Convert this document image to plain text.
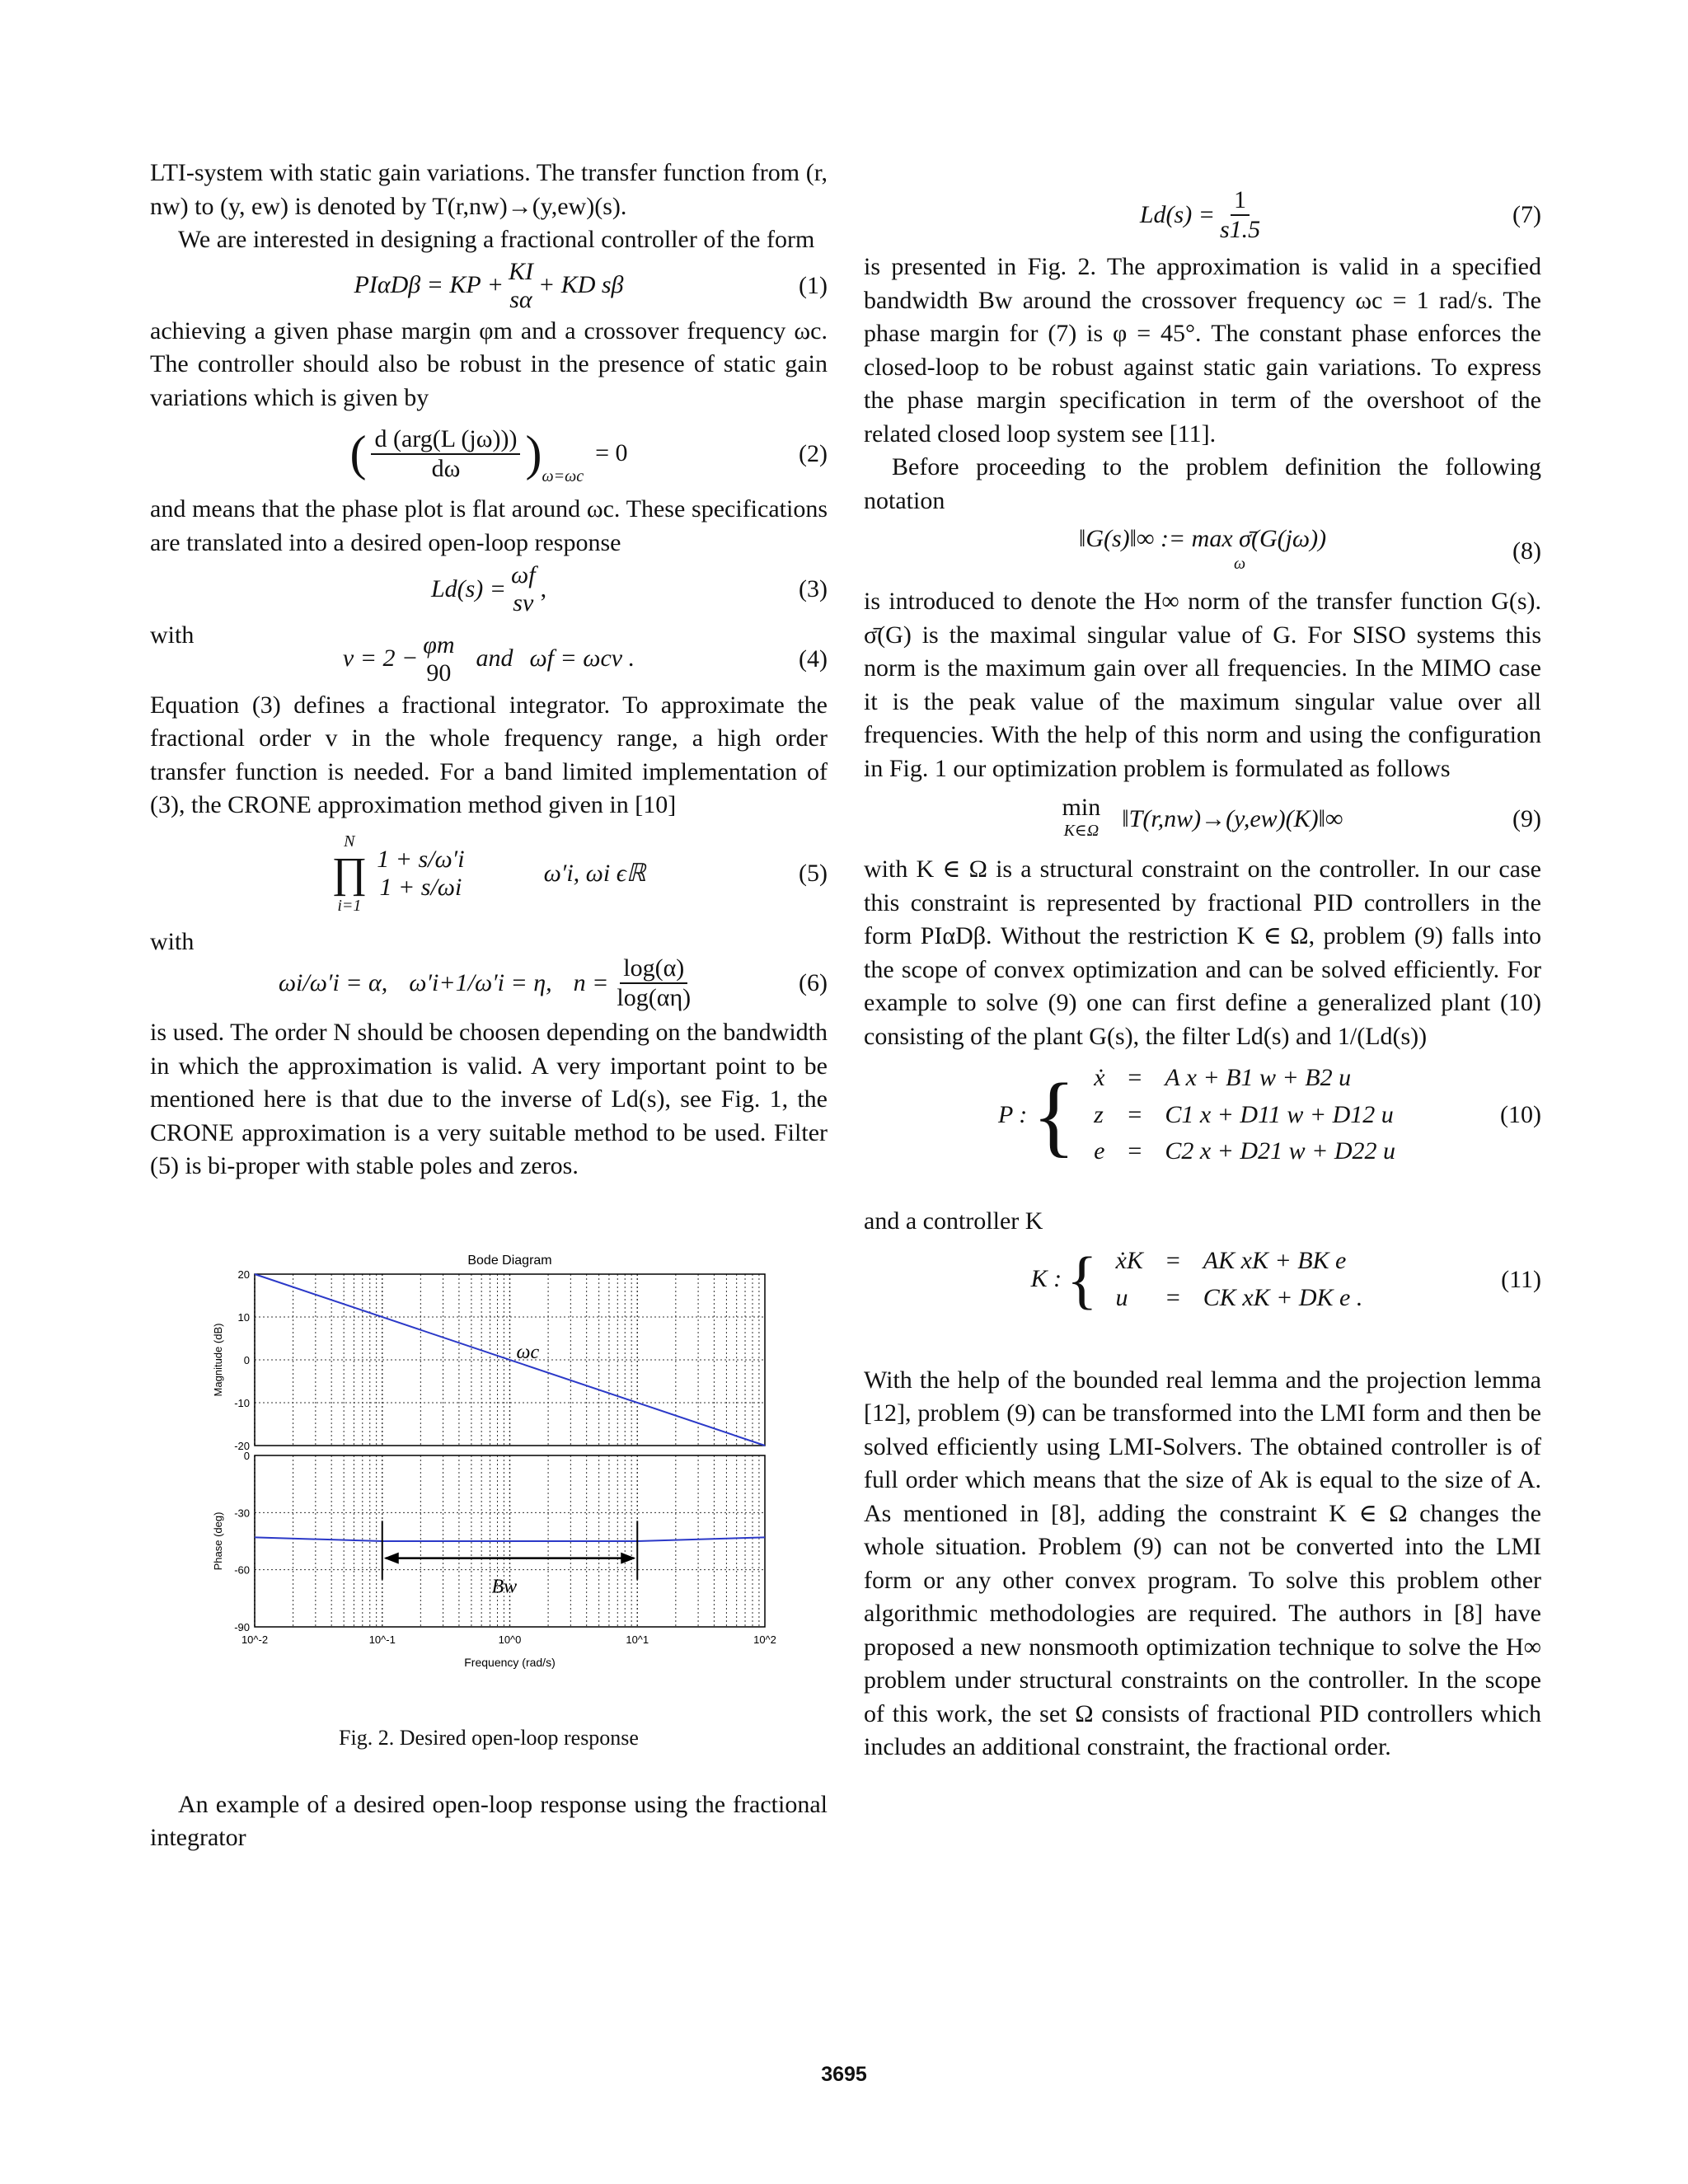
LTI-system with static gain variations. The transfer function from (r, nw) to (y, ew) is denoted by T(r,nw)→(y,ew)(s).

We are interested in designing a fractional controller of the form

PIαDβ = KP +
KI
sα
+ KD sβ	(1)

achieving a given phase margin φm and a crossover frequency ωc. The controller should also be robust in the presence of static gain variations which is given by

( $\frac{\text{d (arg(L (jω)))}}{d\omega}$ ) ω=ωc
= 0	(2)

and means that the phase plot is flat around ωc. These specifications are translated into a desired open-loop response

Ld(s) =
ωf
sv
,	(3)

with

v = 2 −
φm
90
and ωf = ωcv .	(4)

Equation (3) defines a fractional integrator. To approximate the fractional order v in the whole frequency range, a high order transfer function is needed. For a band limited implementation of (3), the CRONE approximation method given in [10]

N
∏
i=1
1 + s/ω′i
1 + s/ωi
ω′i, ωi ϵℝ	(5)

with

ωi/ω′i = α, ω′i+1/ω′i = η, $n = \frac{\log(\alpha)}{\log(\alpha\eta)}$	(6)

is used. The order N should be choosen depending on the bandwidth in which the approximation is valid. A very important point to be mentioned here is that due to the inverse of Ld(s), see Fig. 1, the CRONE approximation is a very suitable method to be used. Filter (5) is bi-proper with stable poles and zeros.

Bode Diagram
20
10
0
-10
-20
Magnitude (dB)	ωc
0
-30
-60
-90
Phase (deg)
Bw
10^-2	10^-1	10^0	10^1	10^2
Frequency (rad/s)
Fig. 2. Desired open-loop response

An example of a desired open-loop response using the fractional integrator

$Ld(s) = \frac{1}{s1.5}$	(7)

is presented in Fig. 2. The approximation is valid in a specified bandwidth Bw around the crossover frequency ωc = 1 rad/s. The phase margin for (7) is φ = 45°. The constant phase enforces the closed-loop to be robust against static gain variations. To express the phase margin specification in term of the overshoot of the related closed loop system see [11].

Before proceeding to the problem definition the following notation

‖G(s)‖∞ := max σ̄(G(jω))
ω	(8)

is introduced to denote the H∞ norm of the transfer function G(s). σ̄(G) is the maximal singular value of G. For SISO systems this norm is the maximum gain over all frequencies. In the MIMO case it is the peak value of the maximum singular value over all frequencies. With the help of this norm and using the configuration in Fig. 1 our optimization problem is formulated as follows

min
K∈Ω ‖T(r,nw)→(y,ew)(K)‖∞	(9)

with K ∈ Ω is a structural constraint on the controller. In our case this constraint is represented by fractional PID controllers in the form PIαDβ. Without the restriction K ∈ Ω, problem (9) falls into the scope of convex optimization and can be solved efficiently. For example to solve (9) one can first define a generalized plant (10) consisting of the plant G(s), the filter Ld(s) and 1/(Ld(s))

P : { ẋ	=	A x + B1 w + B2 u
z	=	C1 x + D11 w + D12 u
e	=	C2 x + D21 w + D22 u
(10)

and a controller K

K : { ẋK	=	AK xK + BK e
u	=	CK xK + DK e .
(11)

With the help of the bounded real lemma and the projection lemma [12], problem (9) can be transformed into the LMI form and then be solved efficiently using LMI-Solvers. The obtained controller is of full order which means that the size of Ak is equal to the size of A. As mentioned in [8], adding the constraint K ∈ Ω changes the whole situation. Problem (9) can not be converted into the LMI form or any other convex program. To solve this problem other algorithmic methodologies are required. The authors in [8] have proposed a new nonsmooth optimization technique to solve the H∞ problem under structural constraints on the controller. In the scope of this work, the set Ω consists of fractional PID controllers which includes an additional constraint, the fractional order.

3695
